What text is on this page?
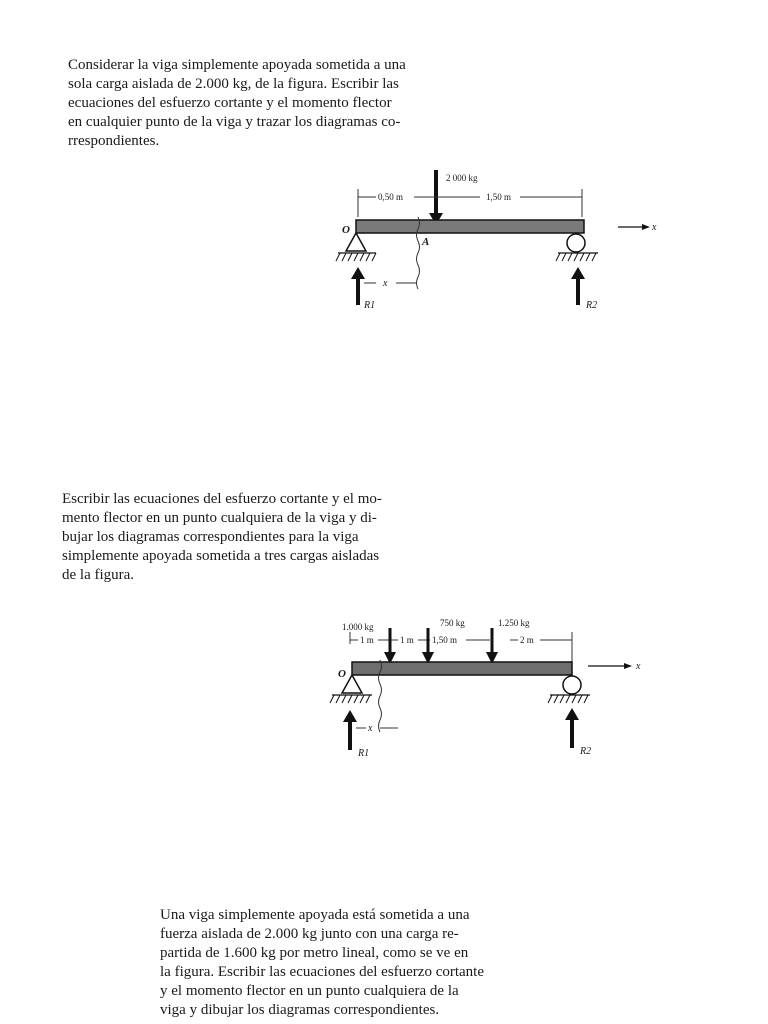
Considerar la viga simplemente apoyada sometida a una
sola carga aislada de 2.000 kg, de la figura. Escribir las
ecuaciones del esfuerzo cortante y el momento flector
en cualquier punto de la viga y trazar los diagramas co-
rrespondientes.
2 000 kg
0,50 m	1,50 m
O
A
x
x
R1	R2
Escribir las ecuaciones del esfuerzo cortante y el mo-
mento flector en un punto cualquiera de la viga y di-
bujar los diagramas correspondientes para la viga
simplemente apoyada sometida a tres cargas aisladas
de la figura.
1.000 kg	750 kg	1.250 kg
1 m	1 m 1,50 m	2 m
O
x
x
R1	R2
Una viga simplemente apoyada está sometida a una
fuerza aislada de 2.000 kg junto con una carga re-
partida de 1.600 kg por metro lineal, como se ve en
la figura. Escribir las ecuaciones del esfuerzo cortante
y el momento flector en un punto cualquiera de la
viga y dibujar los diagramas correspondientes.
